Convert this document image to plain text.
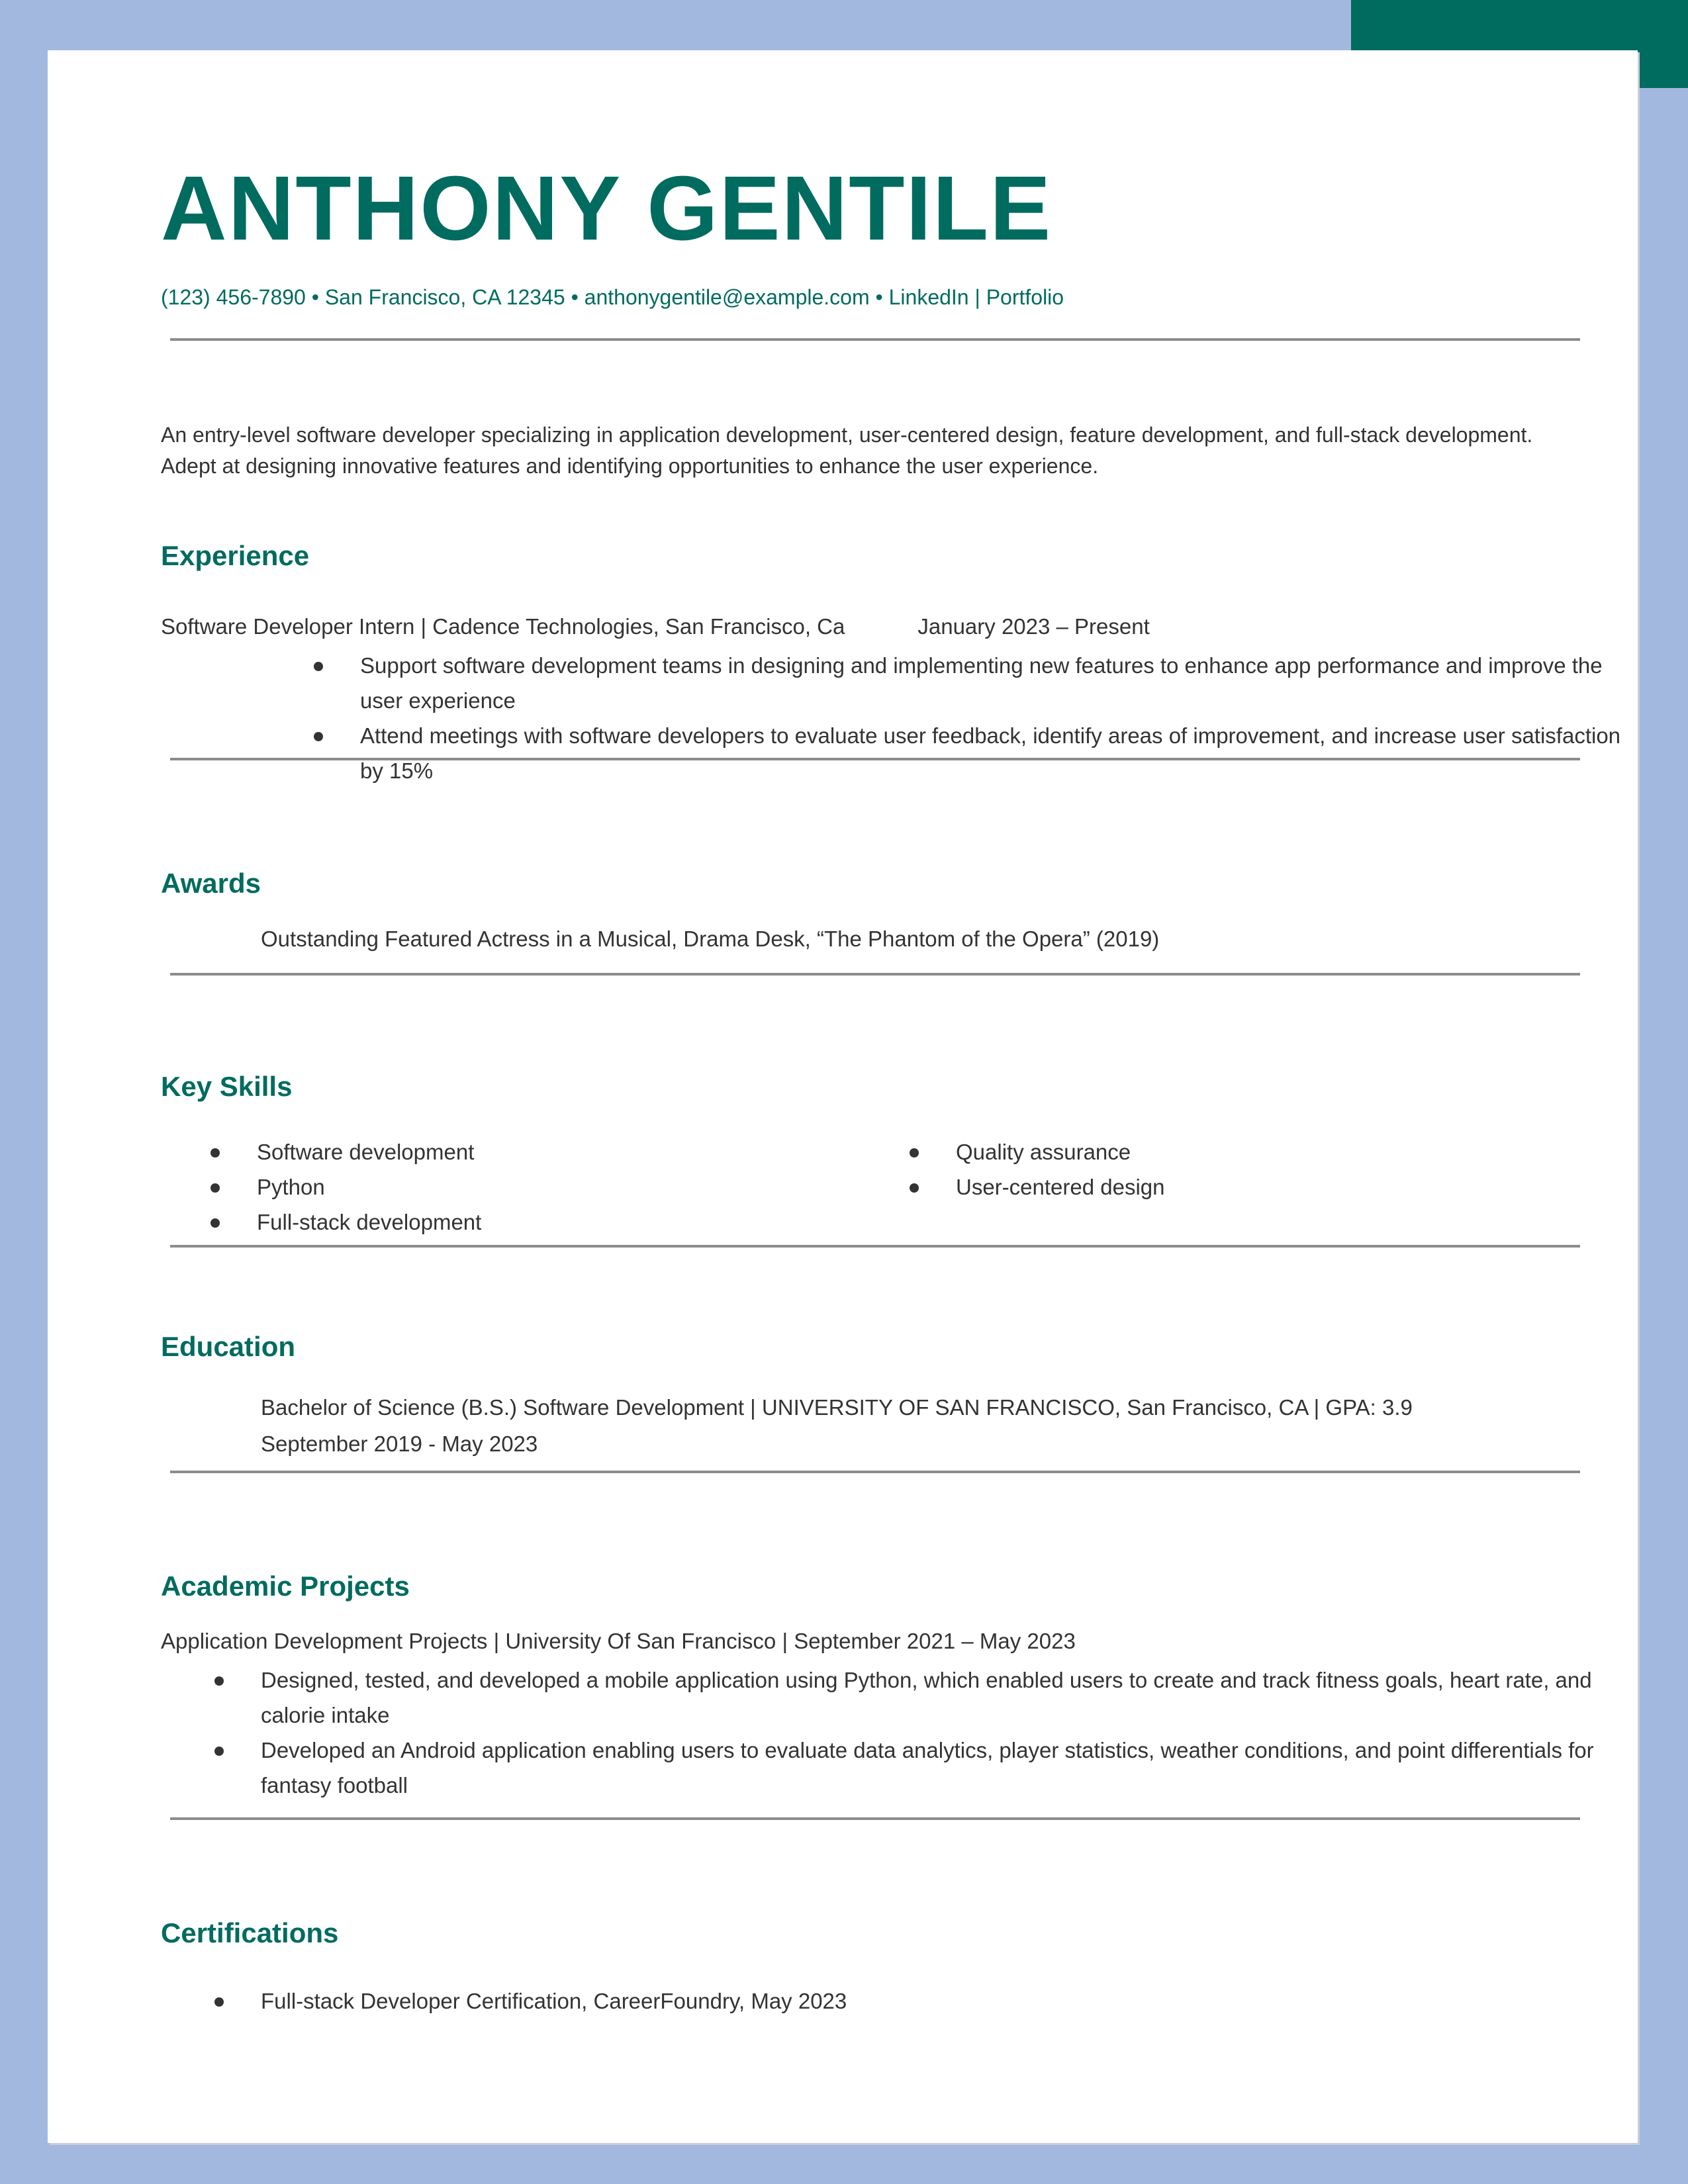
ANTHONY GENTILE
(123) 456-7890 • San Francisco, CA 12345 • anthonygentile@example.com • LinkedIn | Portfolio

An entry-level software developer specializing in application development, user-centered design, feature development, and full-stack development. Adept at designing innovative features and identifying opportunities to enhance the user experience.

Experience
Software Developer Intern | Cadence Technologies, San Francisco, Ca	January 2023 – Present
Support software development teams in designing and implementing new features to enhance app performance and improve the user experience
Attend meetings with software developers to evaluate user feedback, identify areas of improvement, and increase user satisfaction by 15%
Awards
Outstanding Featured Actress in a Musical, Drama Desk, “The Phantom of the Opera” (2019)
Key Skills
Software development
Python
Full-stack development
Quality assurance
User-centered design
Education
Bachelor of Science (B.S.) Software Development | UNIVERSITY OF SAN FRANCISCO, San Francisco, CA | GPA: 3.9
September 2019 - May 2023
Academic Projects
Application Development Projects | University Of San Francisco | September 2021 – May 2023
Designed, tested, and developed a mobile application using Python, which enabled users to create and track fitness goals, heart rate, and calorie intake
Developed an Android application enabling users to evaluate data analytics, player statistics, weather conditions, and point differentials for fantasy football
Certifications
Full-stack Developer Certification, CareerFoundry, May 2023
